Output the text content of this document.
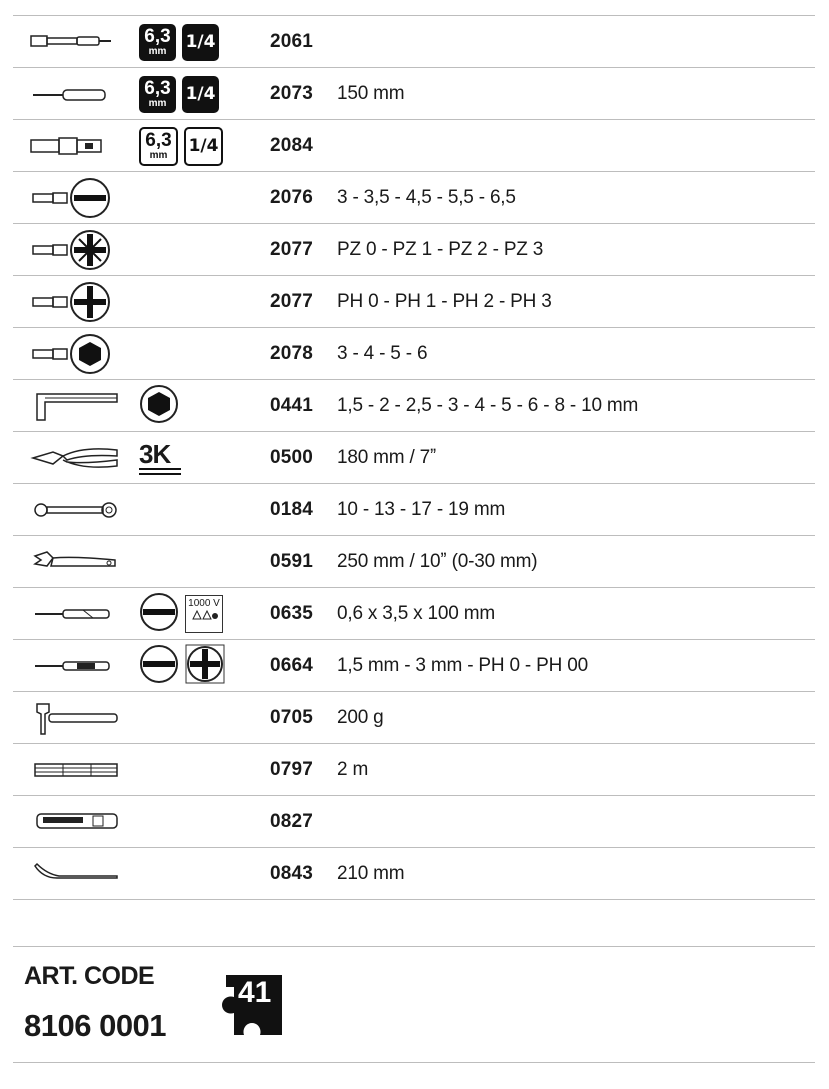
6,3
mm 1/4	2061
6,3
mm 1/4	2073 150 mm
6,3
mm 1/4	2084
2076 3 - 3,5 - 4,5 - 5,5 - 6,5
2077 PZ 0 - PZ 1 - PZ 2 - PZ 3
2077 PH 0 - PH 1 - PH 2 - PH 3
2078 3 - 4 - 5 - 6
0441 1,5 - 2 - 2,5 - 3 - 4 - 5 - 6 - 8 - 10 mm
3K	0500 180 mm / 7ˮ
0184 10 - 13 - 17 - 19 mm
0591 250 mm / 10ˮ (0-30 mm)
1000 V	0635 0,6 x 3,5 x 100 mm
0664 1,5 mm - 3 mm - PH 0 - PH 00
0705 200 g
0797 2 m
0827
0843 210 mm
ART. CODE
8106 0001
41
